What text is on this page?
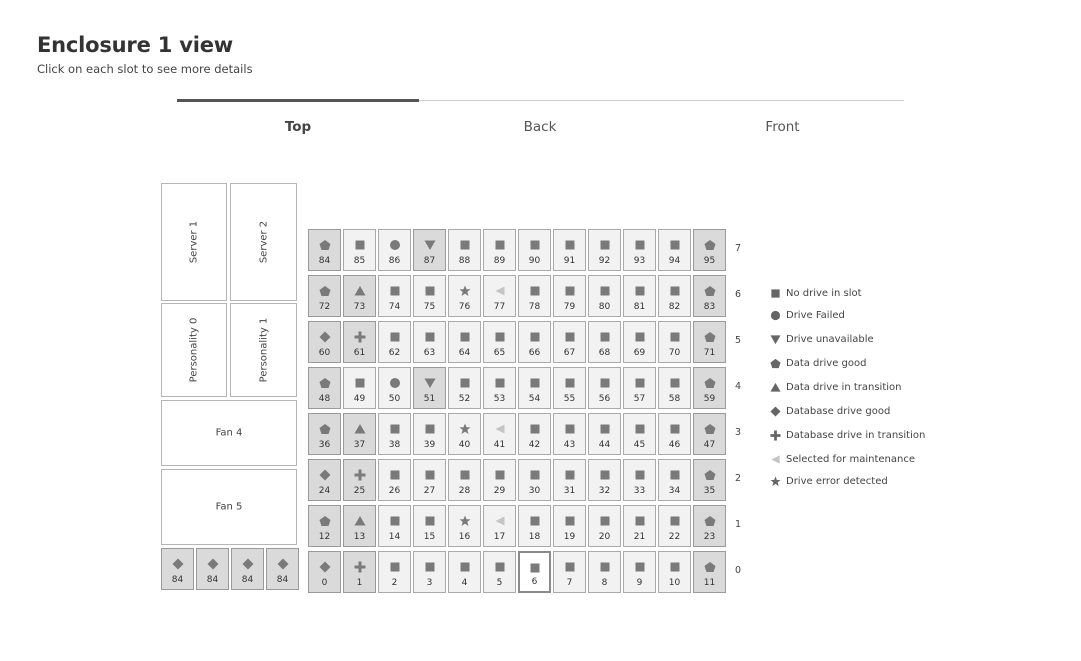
Enclosure 1 view
Click on each slot to see more details
Top	Back	Front
Server 1	Server 2
Personality 0	Personality 1
Fan 4
Fan 5
84	84	84	84
84	85	86	87	88	89	90	91	92	93	94	95
72	73	74	75	76	77	78	79	80	81	82	83
60	61	62	63	64	65	66	67	68	69	70	71
48	49	50	51	52	53	54	55	56	57	58	59
36	37	38	39	40	41	42	43	44	45	46	47
24	25	26	27	28	29	30	31	32	33	34	35
12	13	14	15	16	17	18	19	20	21	22	23
0	1	2	3	4	5	6	7	8	9	10	11
7
6
5
4
3
2
1
0
No drive in slot
Drive Failed
Drive unavailable
Data drive good
Data drive in transition
Database drive good
Database drive in transition
Selected for maintenance
Drive error detected
